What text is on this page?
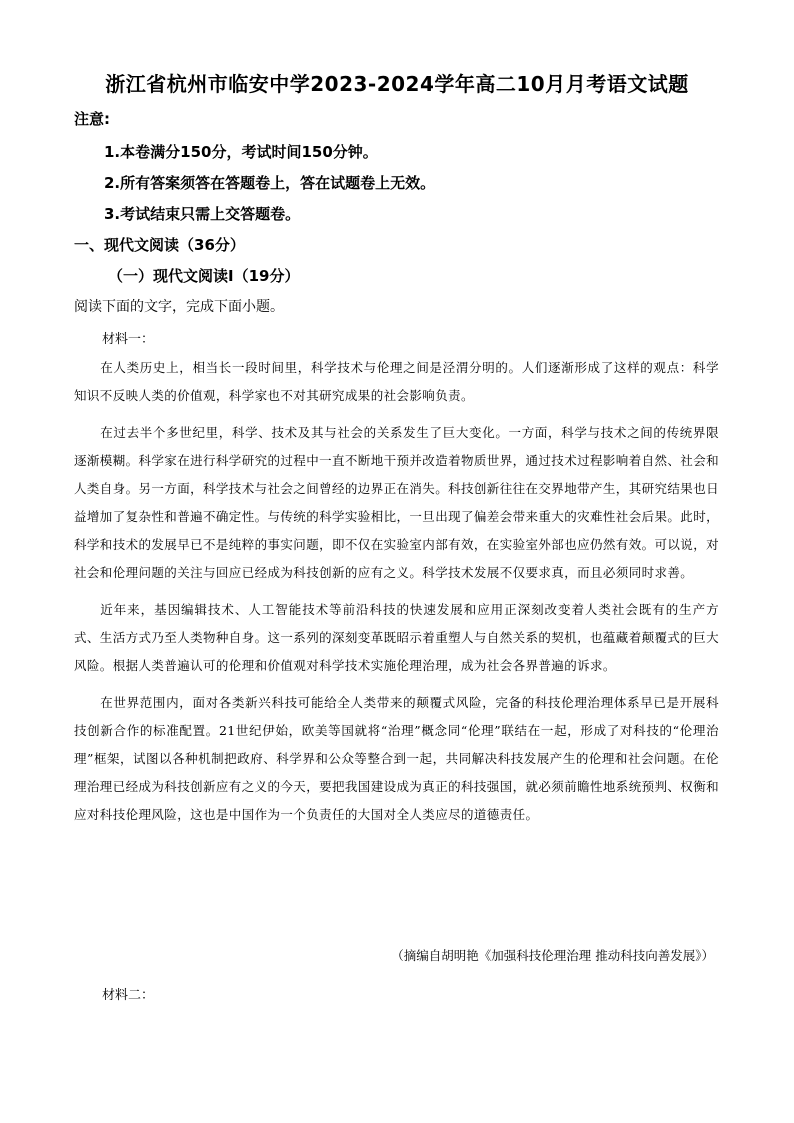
浙江省杭州市临安中学2023-2024学年高二10月月考语文试题
注意:
1.本卷满分150分，考试时间150分钟。
2.所有答案须答在答题卷上，答在试题卷上无效。
3.考试结束只需上交答题卷。
一、现代文阅读（36分）
（一）现代文阅读Ⅰ（19分）
阅读下面的文字，完成下面小题。
材料一：

在人类历史上，相当长一段时间里，科学技术与伦理之间是泾渭分明的。人们逐渐形成了这样的观点：科学知识不反映人类的价值观，科学家也不对其研究成果的社会影响负责。

在过去半个多世纪里，科学、技术及其与社会的关系发生了巨大变化。一方面，科学与技术之间的传统界限逐渐模糊。科学家在进行科学研究的过程中一直不断地干预并改造着物质世界，通过技术过程影响着自然、社会和人类自身。另一方面，科学技术与社会之间曾经的边界正在消失。科技创新往往在交界地带产生，其研究结果也日益增加了复杂性和普遍不确定性。与传统的科学实验相比，一旦出现了偏差会带来重大的灾难性社会后果。此时，科学和技术的发展早已不是纯粹的事实问题，即不仅在实验室内部有效，在实验室外部也应仍然有效。可以说，对社会和伦理问题的关注与回应已经成为科技创新的应有之义。科学技术发展不仅要求真，而且必须同时求善。

近年来，基因编辑技术、人工智能技术等前沿科技的快速发展和应用正深刻改变着人类社会既有的生产方式、生活方式乃至人类物种自身。这一系列的深刻变革既昭示着重塑人与自然关系的契机，也蕴藏着颠覆式的巨大风险。根据人类普遍认可的伦理和价值观对科学技术实施伦理治理，成为社会各界普遍的诉求。

在世界范围内，面对各类新兴科技可能给全人类带来的颠覆式风险，完备的科技伦理治理体系早已是开展科技创新合作的标准配置。21世纪伊始，欧美等国就将“治理”概念同“伦理”联结在一起，形成了对科技的“伦理治理”框架，试图以各种机制把政府、科学界和公众等整合到一起，共同解决科技发展产生的伦理和社会问题。在伦理治理已经成为科技创新应有之义的今天，要把我国建设成为真正的科技强国，就必须前瞻性地系统预判、权衡和应对科技伦理风险，这也是中国作为一个负责任的大国对全人类应尽的道德责任。

（摘编自胡明艳《加强科技伦理治理 推动科技向善发展》）
材料二：
